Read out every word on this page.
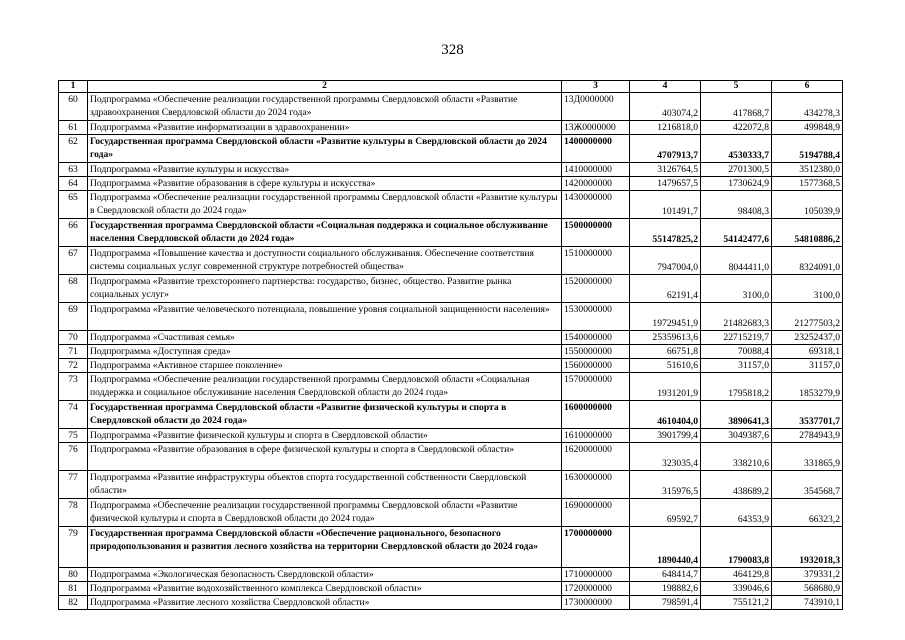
328
1	2	3	4	5	6
60	Подпрограмма «Обеспечение реализации государственной программы Свердловской области «Развитие здравоохранения Свердловской области до 2024 года»	13Д0000000	403074,2	417868,7	434278,3
61	Подпрограмма «Развитие информатизации в здравоохранении»	13Ж0000000	1216818,0	422072,8	499848,9
62	Государственная программа Свердловской области «Развитие культуры в Свердловской области до 2024 года»	1400000000	4707913,7	4530333,7	5194788,4
63	Подпрограмма «Развитие культуры и искусства»	1410000000	3126764,5	2701300,5	3512380,0
64	Подпрограмма «Развитие образования в сфере культуры и искусства»	1420000000	1479657,5	1730624,9	1577368,5
65	Подпрограмма «Обеспечение реализации государственной программы Свердловской области «Развитие культуры в Свердловской области до 2024 года»	1430000000	101491,7	98408,3	105039,9
66	Государственная программа Свердловской области «Социальная поддержка и социальное обслуживание населения Свердловской области до 2024 года»	1500000000	55147825,2	54142477,6	54810886,2
67	Подпрограмма «Повышение качества и доступности социального обслуживания. Обеспечение соответствия системы социальных услуг современной структуре потребностей общества»	1510000000	7947004,0	8044411,0	8324091,0
68	Подпрограмма «Развитие трехстороннего партнерства: государство, бизнес, общество. Развитие рынка социальных услуг»	1520000000	62191,4	3100,0	3100,0
69	Подпрограмма «Развитие человеческого потенциала, повышение уровня социальной защищенности населения»	1530000000	19729451,9	21482683,3	21277503,2
70	Подпрограмма «Счастливая семья»	1540000000	25359613,6	22715219,7	23252437,0
71	Подпрограмма «Доступная среда»	1550000000	66751,8	70088,4	69318,1
72	Подпрограмма «Активное старшее поколение»	1560000000	51610,6	31157,0	31157,0
73	Подпрограмма «Обеспечение реализации государственной программы Свердловской области «Социальная поддержка и социальное обслуживание населения Свердловской области до 2024 года»	1570000000	1931201,9	1795818,2	1853279,9
74	Государственная программа Свердловской области «Развитие физической культуры и спорта в Свердловской области до 2024 года»	1600000000	4610404,0	3890641,3	3537701,7
75	Подпрограмма «Развитие физической культуры и спорта в Свердловской области»	1610000000	3901799,4	3049387,6	2784943,9
76	Подпрограмма «Развитие образования в сфере физической культуры и спорта в Свердловской области»	1620000000	323035,4	338210,6	331865,9
77	Подпрограмма «Развитие инфраструктуры объектов спорта государственной собственности Свердловской области»	1630000000	315976,5	438689,2	354568,7
78	Подпрограмма «Обеспечение реализации государственной программы Свердловской области «Развитие физической культуры и спорта в Свердловской области до 2024 года»	1690000000	69592,7	64353,9	66323,2
79	Государственная программа Свердловской области «Обеспечение рационального, безопасного природопользования и развития лесного хозяйства на территории Свердловской области до 2024 года»	1700000000	1890440,4	1790083,8	1932018,3
80	Подпрограмма «Экологическая безопасность Свердловской области»	1710000000	648414,7	464129,8	379331,2
81	Подпрограмма «Развитие водохозяйственного комплекса Свердловской области»	1720000000	198882,6	339046,6	568680,9
82	Подпрограмма «Развитие лесного хозяйства Свердловской области»	1730000000	798591,4	755121,2	743910,1
